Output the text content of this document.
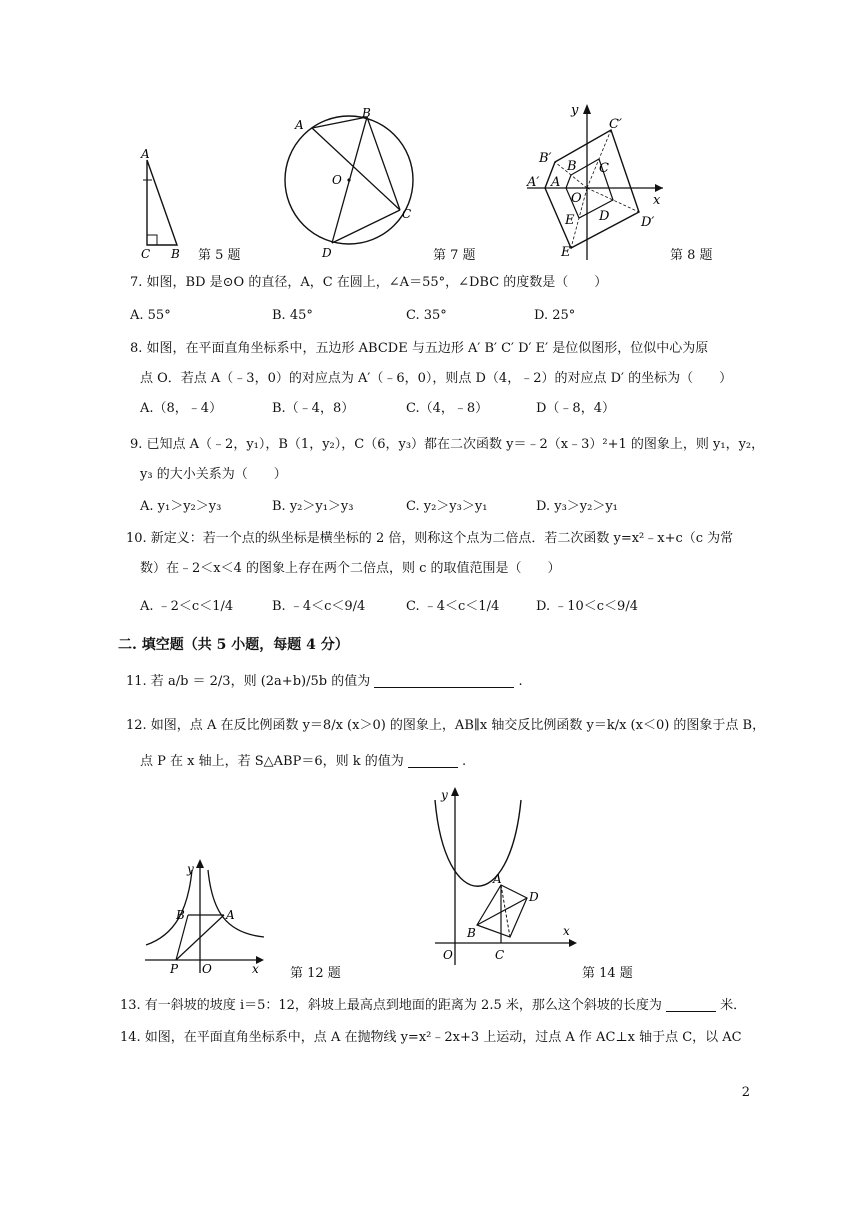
A
C B 第 5 题
A
B
O
C
D	第 7 题
y
C′
B′
B C
A′ A
O
D
E
E′
D′
x
第 8 题
7. 如图，BD 是⊙O 的直径，A，C 在圆上，∠A＝55°，∠DBC 的度数是（　　）
A. 55°	B. 45°	C. 35°	D. 25°
8. 如图，在平面直角坐标系中，五边形 ABCDE 与五边形 A′ B′ C′ D′ E′ 是位似图形，位似中心为原
点 O．若点 A（﹣3，0）的对应点为 A′（﹣6，0），则点 D（4，﹣2）的对应点 D′ 的坐标为（　　）
A.（8，﹣4）	B.（﹣4，8）	C.（4，﹣8）	D（﹣8，4）
9. 已知点 A（﹣2，y₁），B（1，y₂），C（6，y₃）都在二次函数 y＝﹣2（x﹣3）²+1 的图象上，则 y₁，y₂，
y₃ 的大小关系为（　　）
A. y₁＞y₂＞y₃	B. y₂＞y₁＞y₃	C. y₂＞y₃＞y₁	D. y₃＞y₂＞y₁
10. 新定义：若一个点的纵坐标是横坐标的 2 倍，则称这个点为二倍点．若二次函数 y=x²﹣x+c（c 为常
数）在﹣2＜x＜4 的图象上存在两个二倍点，则 c 的取值范围是（　　）
A. ﹣2＜c＜1/4	B. ﹣4＜c＜9/4	C. ﹣4＜c＜1/4	D. ﹣10＜c＜9/4
二. 填空题（共 5 小题，每题 4 分）
11. 若 a/b ＝ 2/3，则 (2a+b)/5b 的值为	.
12. 如图，点 A 在反比例函数 y＝8/x (x＞0) 的图象上，AB∥x 轴交反比例函数 y＝k/x (x＜0) 的图象于点 B，
点 P 在 x 轴上，若 S△ABP＝6，则 k 的值为	.
y
B	A
P O	x 第 12 题
y
A
D
B
O	C
x
第 14 题
13. 有一斜坡的坡度 i＝5：12，斜坡上最高点到地面的距离为 2.5 米，那么这个斜坡的长度为	米．
14. 如图，在平面直角坐标系中，点 A 在抛物线 y=x²﹣2x+3 上运动，过点 A 作 AC⊥x 轴于点 C，以 AC
2
